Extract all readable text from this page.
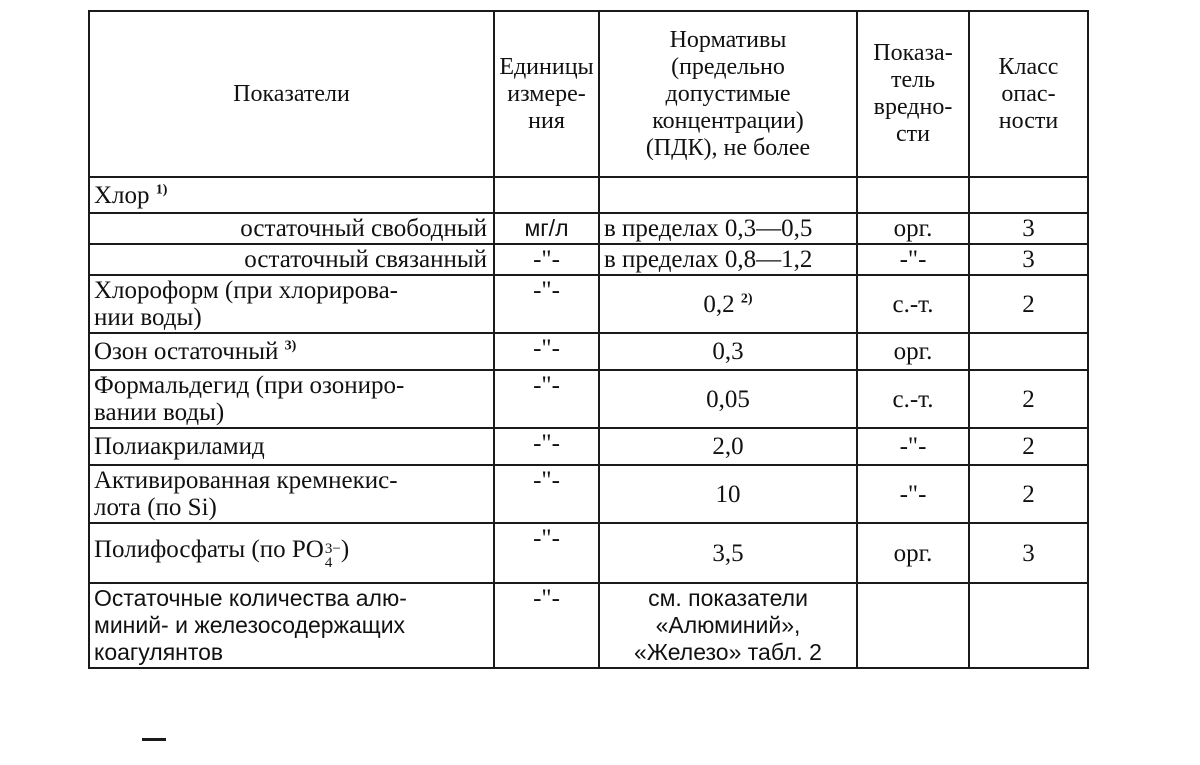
Показатели	Единицы
измере-
ния	Нормативы
(предельно
допустимые
концентрации)
(ПДК), не более	Показа-
тель
вредно-
сти	Класс
опас-
ности

Хлор $^{1)}$				
остаточный свободный	мг/л	в пределах 0,3—0,5	орг.	3
остаточный связанный	-"-	в пределах 0,8—1,2	-"-	3

Хлороформ (при хлорирова-
нии воды)	-"-	0,2 $^{2)}$	с.-т.	2
Озон остаточный $^{3)}$	-"-	0,3	орг.	

Формальдегид (при озониро-
вании воды)	-"-	0,05	с.-т.	2
Полиакриламид	-"-	2,0	-"-	2

Активированная кремнекис-
лота (по Si)	-"-	10	-"-	2
Полифосфаты (по PO 3−
4 )	-"-	3,5	орг.	3

Остаточные количества алю-
миний- и железосодержащих
коагулянтов	-"-	см. показатели
«Алюминий»,
«Железо» табл. 2		
